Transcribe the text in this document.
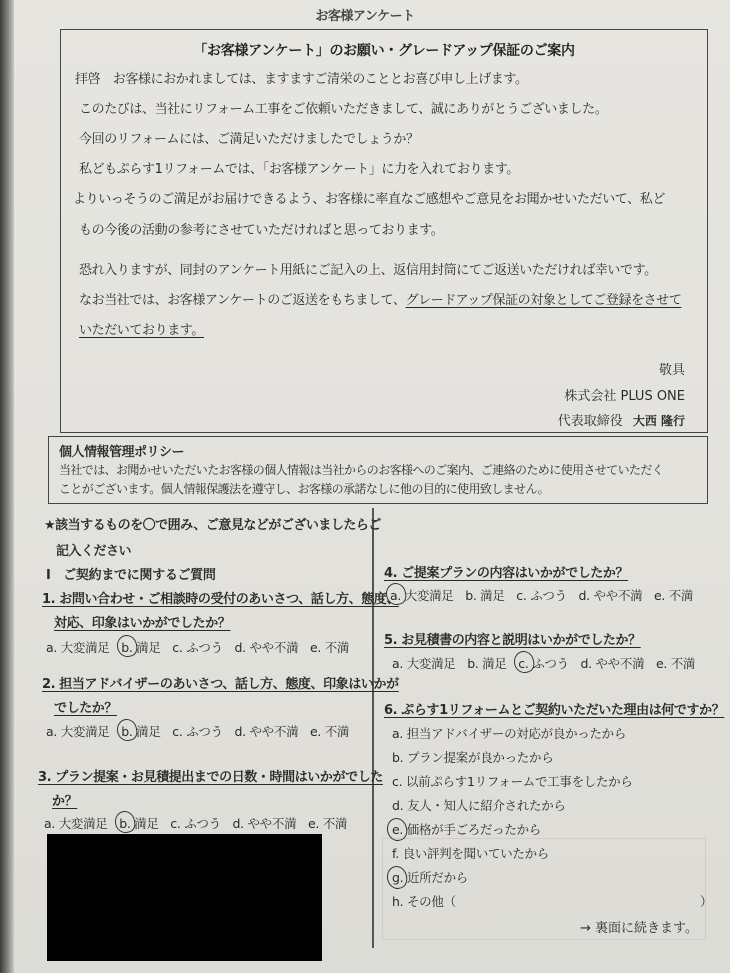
お客様アンケート
「お客様アンケート」のお願い・グレードアップ保証のご案内
拝啓　お客様におかれましては、ますますご清栄のこととお喜び申し上げます。
このたびは、当社にリフォーム工事をご依頼いただきまして、誠にありがとうございました。
今回のリフォームには、ご満足いただけましたでしょうか？
私どもぷらす1リフォームでは、「お客様アンケート」に力を入れております。
よりいっそうのご満足がお届けできるよう、お客様に率直なご感想やご意見をお聞かせいただいて、私ど
もの今後の活動の参考にさせていただければと思っております。
恐れ入りますが、同封のアンケート用紙にご記入の上、返信用封筒にてご返送いただければ幸いです。
なお当社では、お客様アンケートのご返送をもちまして、グレードアップ保証の対象としてご登録をさせて
いただいております。
敬具
株式会社 PLUS ONE
代表取締役 大西 隆行
個人情報管理ポリシー
当社では、お聞かせいただいたお客様の個人情報は当社からのお客様へのご案内、ご連絡のために使用させていただく
ことがございます。個人情報保護法を遵守し、お客様の承諾なしに他の目的に使用致しません。
★該当するものを〇で囲み、ご意見などがございましたらご
記入ください
Ⅰ　ご契約までに関するご質問
1. お問い合わせ・ご相談時の受付のあいさつ、話し方、態度、
対応、印象はいかがでしたか？
a. 大変満足 b. 満足 c. ふつう d. やや不満 e. 不満
2. 担当アドバイザーのあいさつ、話し方、態度、印象はいかが
でしたか？
a. 大変満足 b. 満足 c. ふつう d. やや不満 e. 不満
3. プラン提案・お見積提出までの日数・時間はいかがでした
か？
a. 大変満足 b. 満足 c. ふつう d. やや不満 e. 不満
4. ご提案プランの内容はいかがでしたか？
a. 大変満足 b. 満足 c. ふつう d. やや不満 e. 不満
5. お見積書の内容と説明はいかがでしたか？
a. 大変満足 b. 満足 c. ふつう d. やや不満 e. 不満
6. ぷらす1リフォームとご契約いただいた理由は何ですか？
a. 担当アドバイザーの対応が良かったから
b. プラン提案が良かったから
c. 以前ぷらす1リフォームで工事をしたから
d. 友人・知人に紹介されたから
e. 価格が手ごろだったから
f. 良い評判を聞いていたから
g. 近所だから
h. その他（	）
→ 裏面に続きます。
